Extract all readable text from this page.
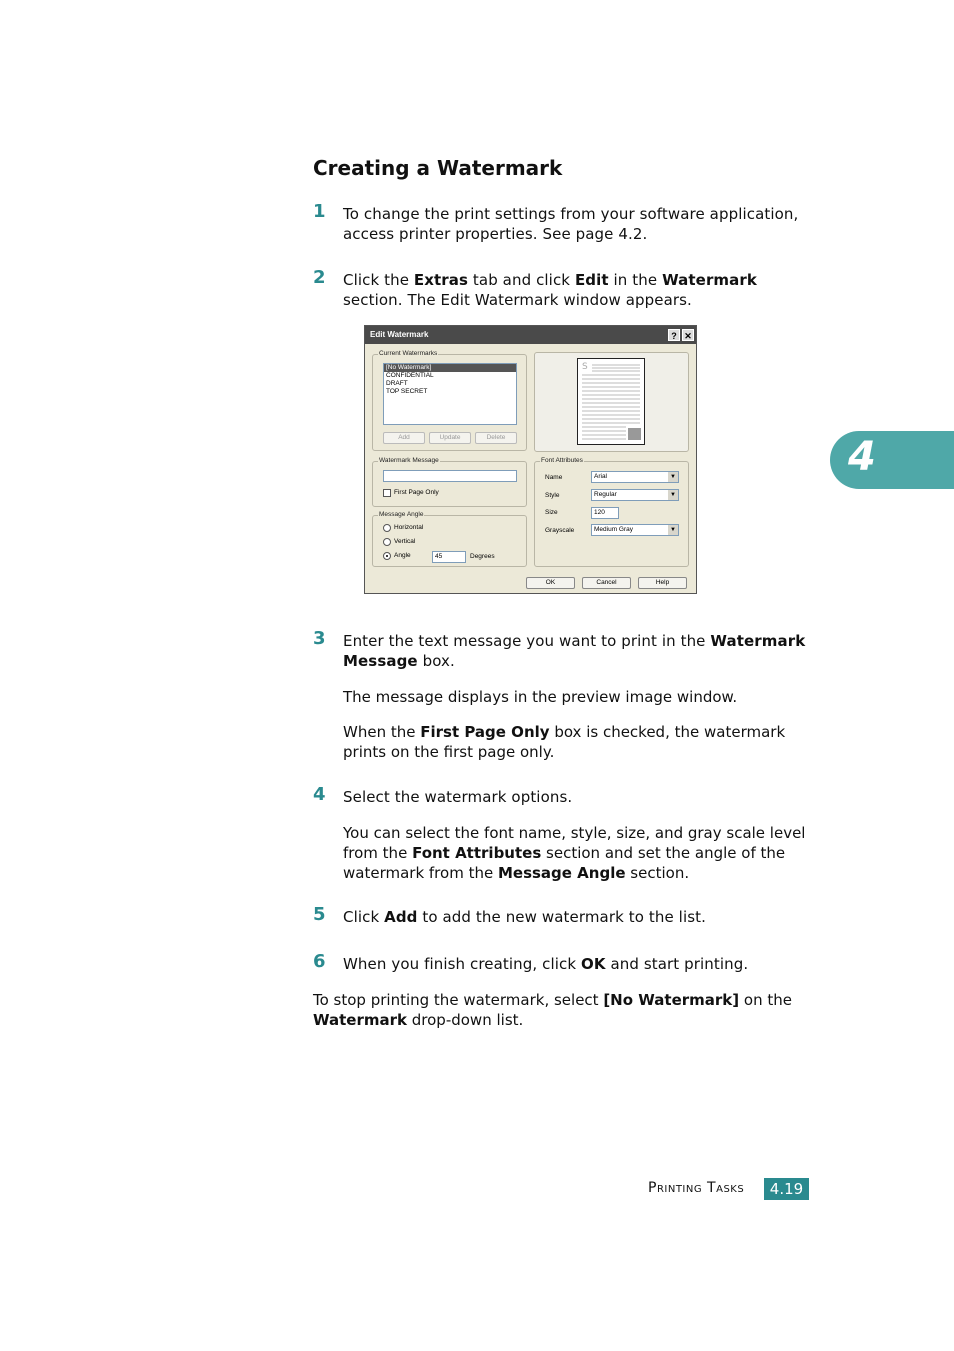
Creating a Watermark
1 To change the print settings from your software application, access printer properties. See page 4.2.
2 Click the Extras tab and click Edit in the Watermark section. The Edit Watermark window appears.
Edit Watermark	? ✕
Current Watermarks
[No Watermark]
CONFIDENTIAL
DRAFT
TOP SECRET
Add	Update	Delete
Watermark Message
First Page Only
Message Angle
Horizontal
Vertical
Angle	45	Degrees
Font Attributes
Name	Arial	▼
Style	Regular	▼
Size	120
Grayscale	Medium Gray	▼
OK	Cancel	Help
S
3 Enter the text message you want to print in the Watermark Message box.
The message displays in the preview image window.
When the First Page Only box is checked, the watermark prints on the first page only.
4 Select the watermark options.
You can select the font name, style, size, and gray scale level from the Font Attributes section and set the angle of the watermark from the Message Angle section.
5 Click Add to add the new watermark to the list.
6 When you finish creating, click OK and start printing.
To stop printing the watermark, select [No Watermark] on the Watermark drop-down list.
4
Printing Tasks	4.19
